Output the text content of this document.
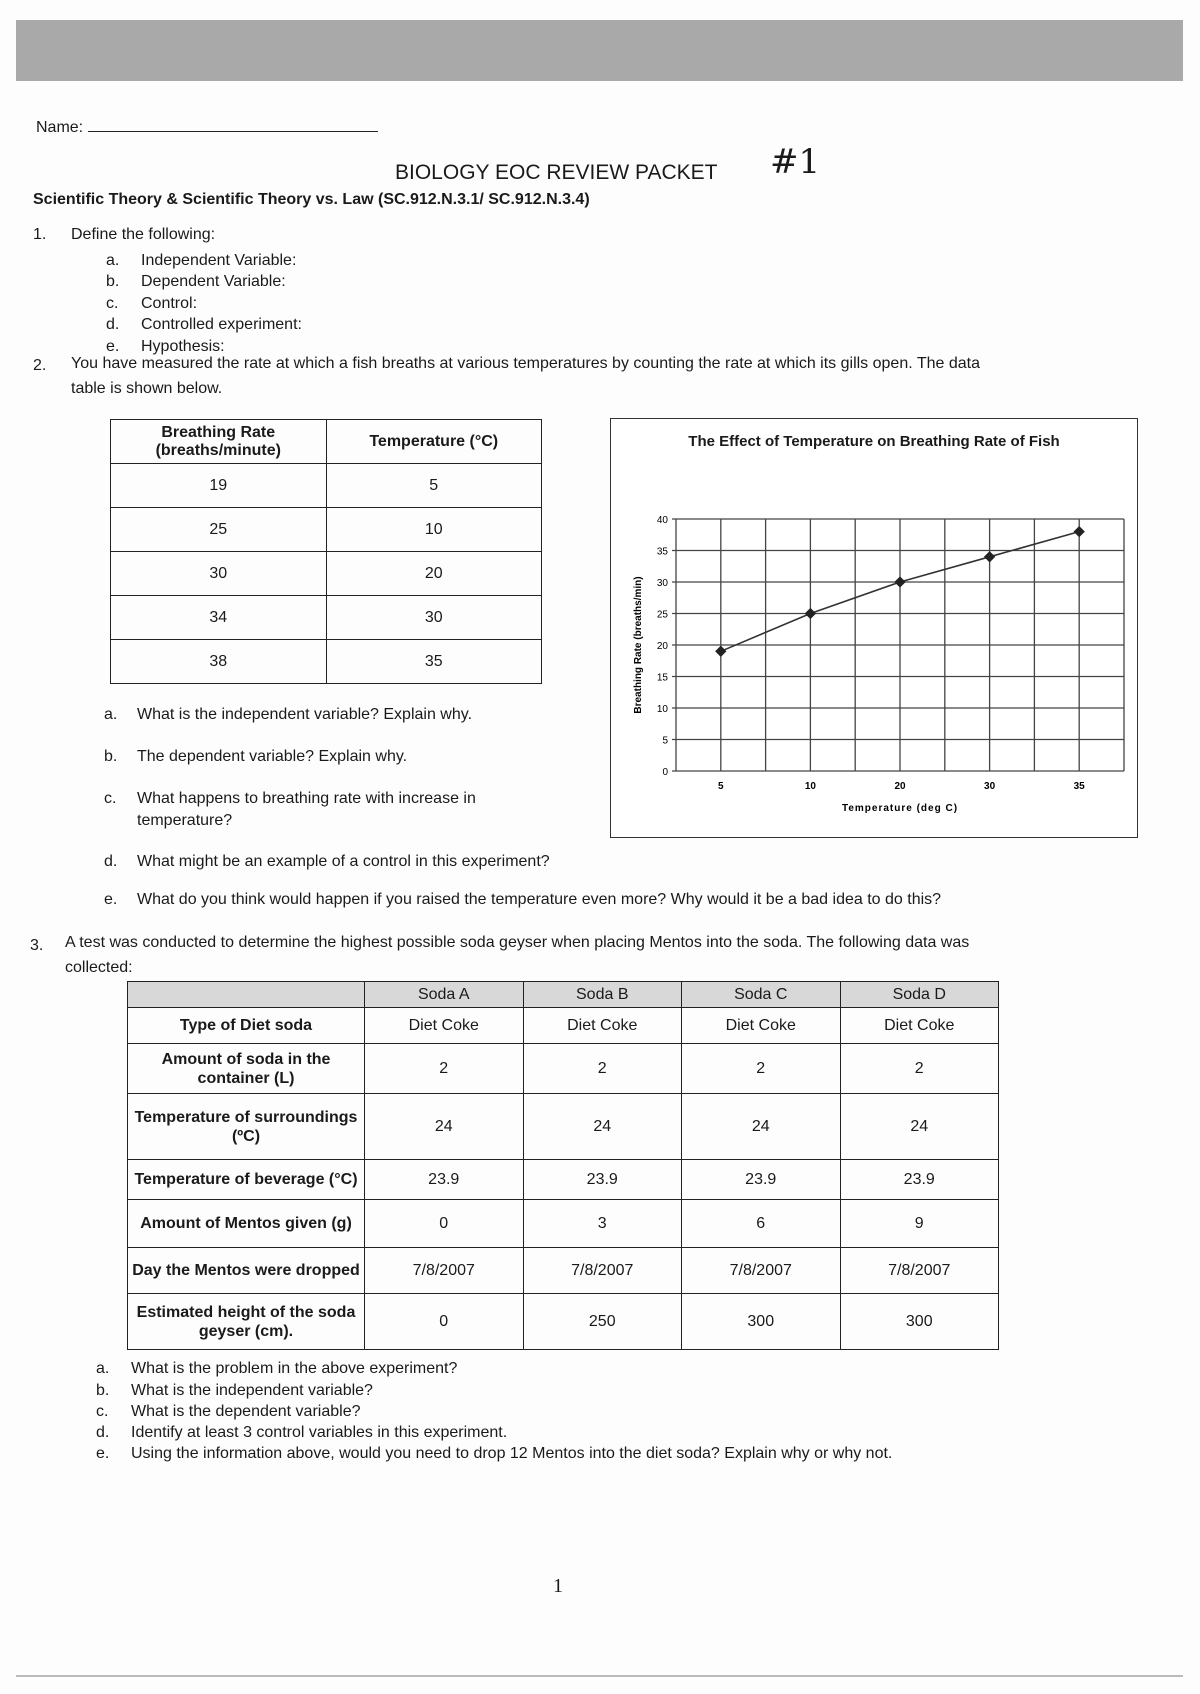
Name:
BIOLOGY EOC REVIEW PACKET #1
Scientific Theory & Scientific Theory vs. Law (SC.912.N.3.1/ SC.912.N.3.4)
1. Define the following:
2. You have measured the rate at which a fish breaths at various temperatures by counting the rate at which its gills open. The data
table is shown below.
Breathing Rate (breaths/minute)	Temperature (°C)
19	5
25	10
30	20
34	30
38	35
The Effect of Temperature on Breathing Rate of Fish
0
5
10
15
20
25
30
35
40
5	10	20	30	35
Temperature (deg C)
Breathing Rate (breaths/min)
3. A test was conducted to determine the highest possible soda geyser when placing Mentos into the soda. The following data was
collected:
	Soda A	Soda B	Soda C	Soda D
Type of Diet soda	Diet Coke	Diet Coke	Diet Coke	Diet Coke
Amount of soda in the container (L)	2	2	2	2
Temperature of surroundings (ºC)	24	24	24	24
Temperature of beverage (°C)	23.9	23.9	23.9	23.9
Amount of Mentos given (g)	0	3	6	9
Day the Mentos were dropped	7/8/2007	7/8/2007	7/8/2007	7/8/2007
Estimated height of the soda geyser (cm).	0	250	300	300
1
a. Independent Variable:
b. Dependent Variable:
c. Control:
d. Controlled experiment:
e. Hypothesis:
a. What is the independent variable? Explain why.
b. The dependent variable? Explain why.
c. What happens to breathing rate with increase in
temperature?
d. What might be an example of a control in this experiment?
e. What do you think would happen if you raised the temperature even more? Why would it be a bad idea to do this?
a. What is the problem in the above experiment?
b. What is the independent variable?
c. What is the dependent variable?
d. Identify at least 3 control variables in this experiment.
e. Using the information above, would you need to drop 12 Mentos into the diet soda? Explain why or why not.
